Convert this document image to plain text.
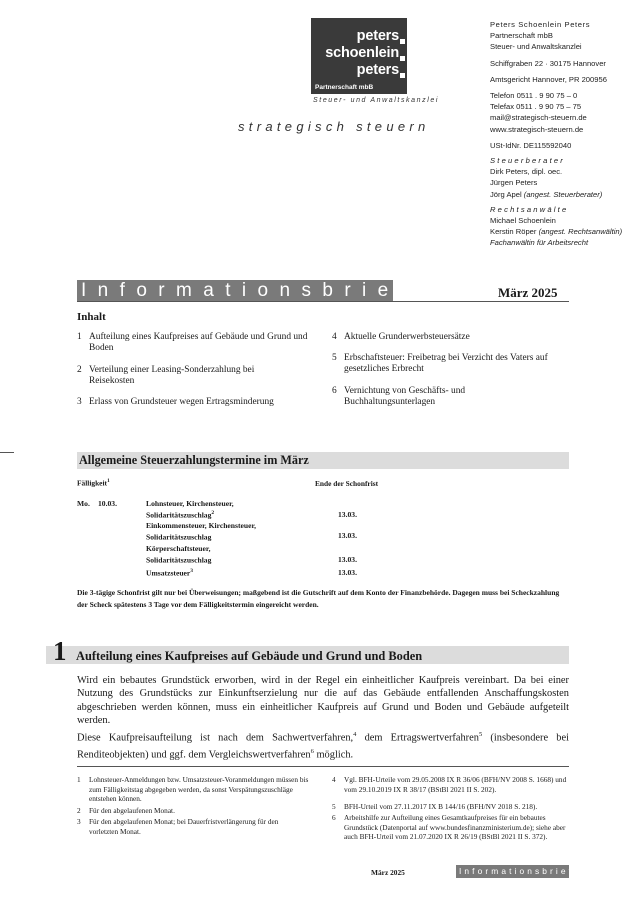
peters
schoenlein
peters
Partnerschaft mbB
Steuer- und Anwaltskanzlei
strategisch steuern
Peters Schoenlein Peters
Partnerschaft mbB
Steuer- und Anwaltskanzlei
Schiffgraben 22 · 30175 Hannover
Amtsgericht Hannover, PR 200956
Telefon 0511 . 9 90 75 – 0
Telefax 0511 . 9 90 75 – 75
mail@strategisch-steuern.de
www.strategisch-steuern.de
USt-IdNr. DE115592040
Steuerberater
Dirk Peters, dipl. oec.
Jürgen Peters
Jörg Apel (angest. Steuerberater)
Rechtsanwälte
Michael Schoenlein
Kerstin Röper (angest. Rechtsanwältin)
Fachanwältin für Arbeitsrecht
Informationsbrief	März 2025
Inhalt
1 Aufteilung eines Kaufpreises auf Gebäude und Grund und Boden
2 Verteilung einer Leasing-Sonderzahlung bei Reisekosten
3 Erlass von Grundsteuer wegen Ertragsminderung
4 Aktuelle Grunderwerbsteuersätze
5 Erbschaftsteuer: Freibetrag bei Verzicht des Vaters auf gesetzliches Erbrecht
6 Vernichtung von Geschäfts- und Buchhaltungsunterlagen
Allgemeine Steuerzahlungstermine im März
Fälligkeit$^1$	Ende der Schonfrist
Mo. 10.03.	Lohnsteuer, Kirchensteuer, Solidaritätszuschlag$^2$	13.03.
Einkommensteuer, Kirchensteuer, Solidaritätszuschlag	13.03.
Körperschaftsteuer, Solidaritätszuschlag	13.03.
Umsatzsteuer$^3$	13.03.
Die 3-tägige Schonfrist gilt nur bei Überweisungen; maßgebend ist die Gutschrift auf dem Konto der Finanzbehörde. Dagegen muss bei Scheckzahlung der Scheck spätestens 3 Tage vor dem Fälligkeitstermin eingereicht werden.
1 Aufteilung eines Kaufpreises auf Gebäude und Grund und Boden
Wird ein bebautes Grundstück erworben, wird in der Regel ein einheitlicher Kaufpreis vereinbart. Da bei einer Nutzung des Grundstücks zur Einkunftserzielung nur die auf das Gebäude entfallenden Anschaffungskosten abgeschrieben werden können, muss ein einheitlicher Kaufpreis auf Grund und Boden und Gebäude aufgeteilt werden.
Diese Kaufpreisaufteilung ist nach dem Sachwertverfahren,$^4$ dem Ertragswertverfahren$^5$ (insbesondere bei Renditeobjekten) und ggf. dem Vergleichswertverfahren$^6$ möglich.
1 Lohnsteuer-Anmeldungen bzw. Umsatzsteuer-Voranmeldungen müssen bis zum Fälligkeitstag abgegeben werden, da sonst Verspätungszuschläge entstehen können.
2 Für den abgelaufenen Monat.
3 Für den abgelaufenen Monat; bei Dauerfristverlängerung für den vorletzten Monat.
4 Vgl. BFH-Urteile vom 29.05.2008 IX R 36/06 (BFH/NV 2008 S. 1668) und vom 29.10.2019 IX R 38/17 (BStBl 2021 II S. 202).
5 BFH-Urteil vom 27.11.2017 IX B 144/16 (BFH/NV 2018 S. 218).
6 Arbeitshilfe zur Aufteilung eines Gesamtkaufpreises für ein bebautes Grundstück (Datenportal auf www.bundesfinanzministerium.de); siehe aber auch BFH-Urteil vom 21.07.2020 IX R 26/19 (BStBl 2021 II S. 372).
März 2025	Informationsbrief
